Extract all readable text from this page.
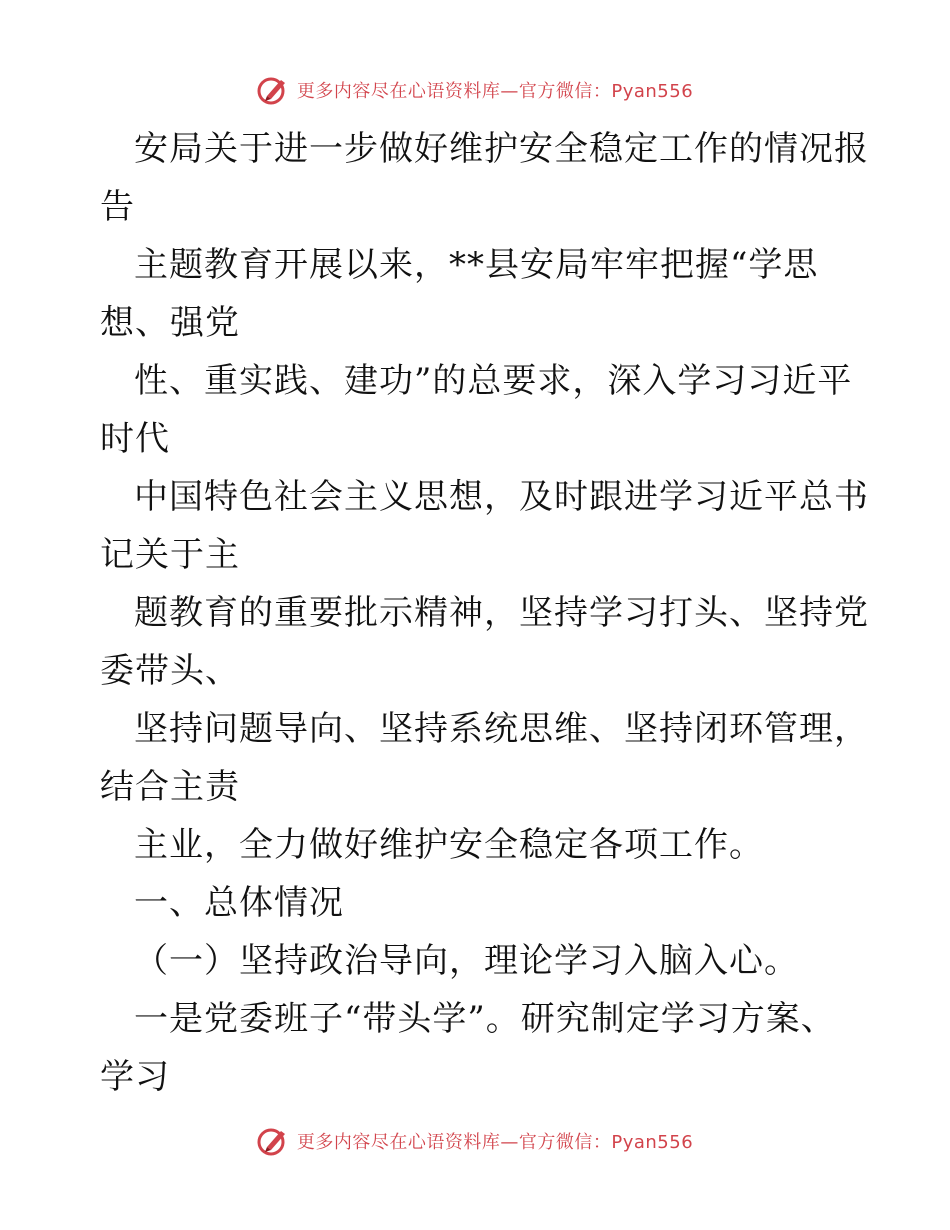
更多内容尽在心语资料库—官方微信：Pyan556

安局关于进一步做好维护安全稳定工作的情况报

告

主题教育开展以来，**县安局牢牢把握“学思

想、强党

性、重实践、建功”的总要求，深入学习习近平

时代

中国特色社会主义思想，及时跟进学习近平总书

记关于主

题教育的重要批示精神，坚持学习打头、坚持党

委带头、

坚持问题导向、坚持系统思维、坚持闭环管理，

结合主责

主业，全力做好维护安全稳定各项工作。

一、总体情况

（一）坚持政治导向，理论学习入脑入心。

一是党委班子“带头学”。研究制定学习方案、

学习

更多内容尽在心语资料库—官方微信：Pyan556
